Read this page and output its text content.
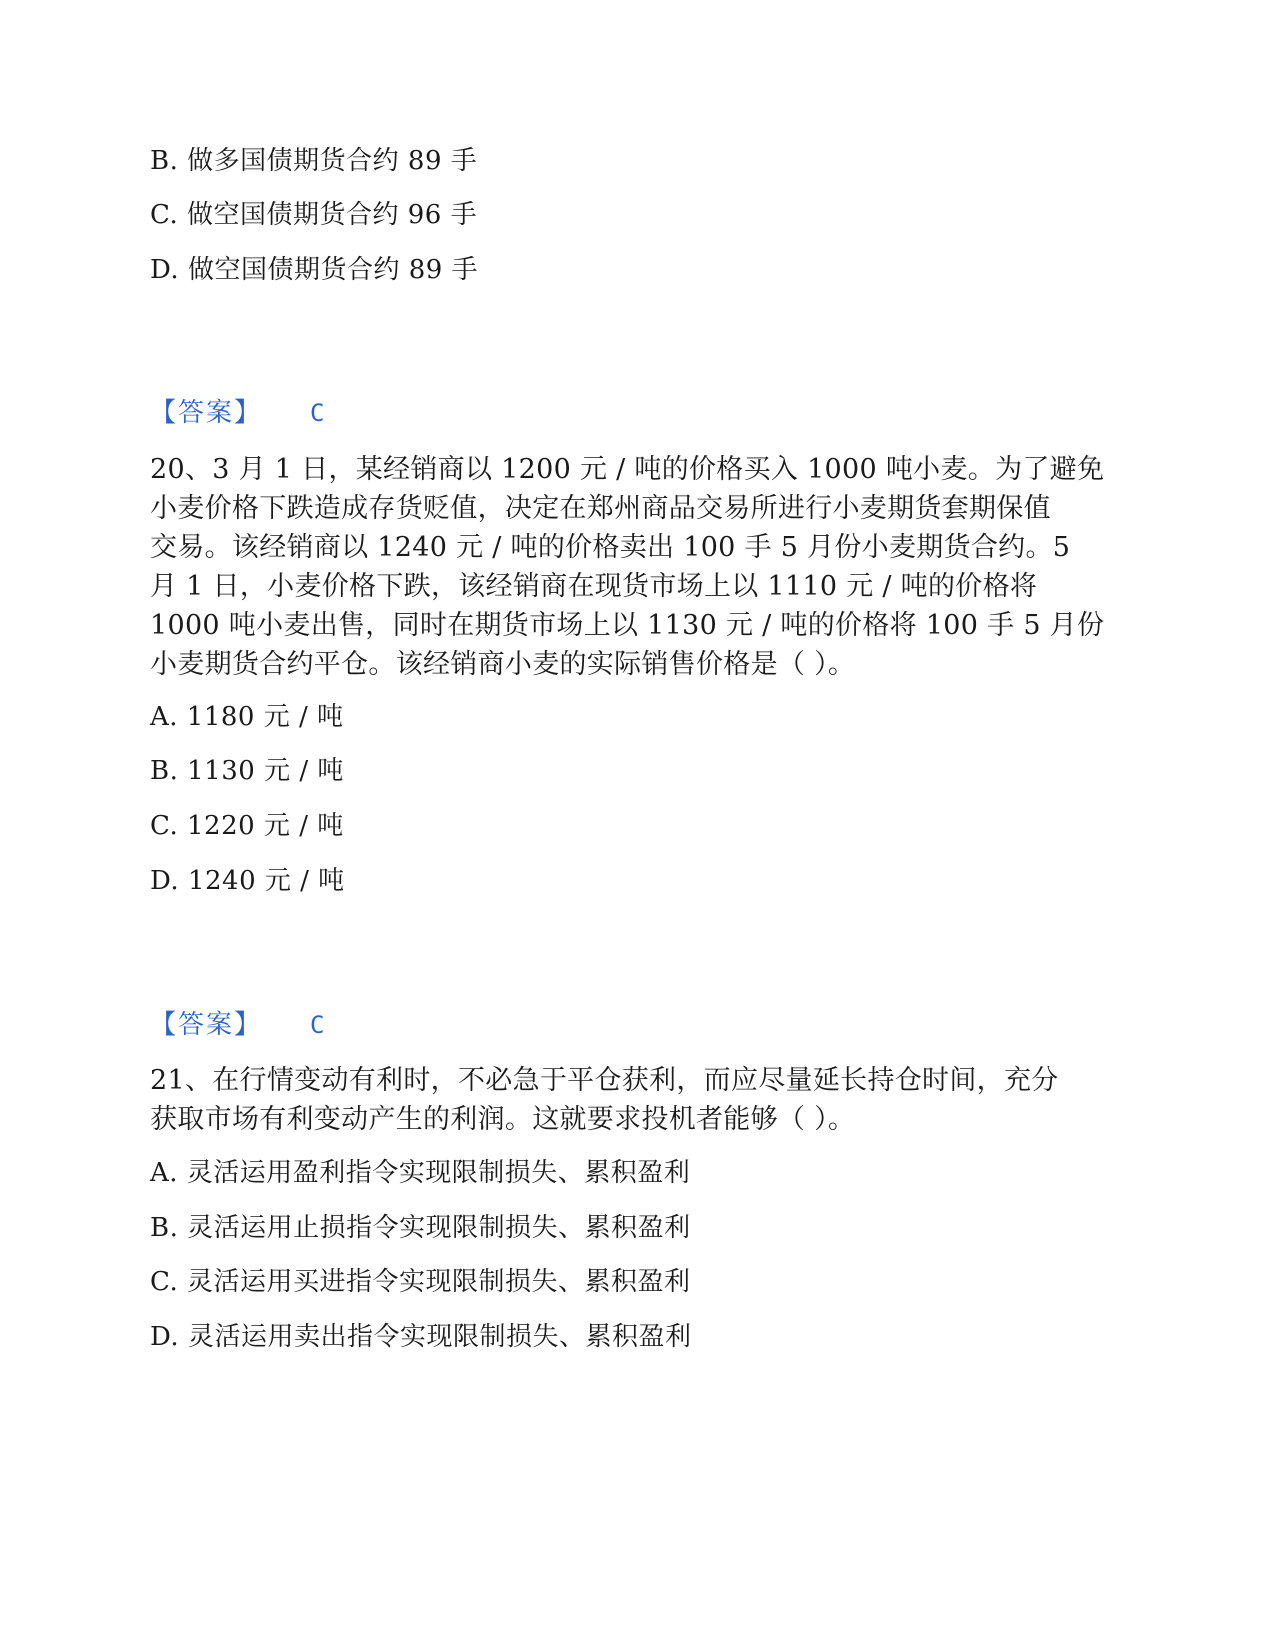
B. 做多国债期货合约 89 手
C. 做空国债期货合约 96 手
D. 做空国债期货合约 89 手
【答案】 C
20、3 月 1 日，某经销商以 1200 元 / 吨的价格买入 1000 吨小麦。为了避免
小麦价格下跌造成存货贬值，决定在郑州商品交易所进行小麦期货套期保值
交易。该经销商以 1240 元 / 吨的价格卖出 100 手 5 月份小麦期货合约。5
月 1 日，小麦价格下跌，该经销商在现货市场上以 1110 元 / 吨的价格将
1000 吨小麦出售，同时在期货市场上以 1130 元 / 吨的价格将 100 手 5 月份
小麦期货合约平仓。该经销商小麦的实际销售价格是（ ）。
A. 1180 元 / 吨
B. 1130 元 / 吨
C. 1220 元 / 吨
D. 1240 元 / 吨
【答案】 C
21、在行情变动有利时，不必急于平仓获利，而应尽量延长持仓时间，充分
获取市场有利变动产生的利润。这就要求投机者能够（ ）。
A. 灵活运用盈利指令实现限制损失、累积盈利
B. 灵活运用止损指令实现限制损失、累积盈利
C. 灵活运用买进指令实现限制损失、累积盈利
D. 灵活运用卖出指令实现限制损失、累积盈利
